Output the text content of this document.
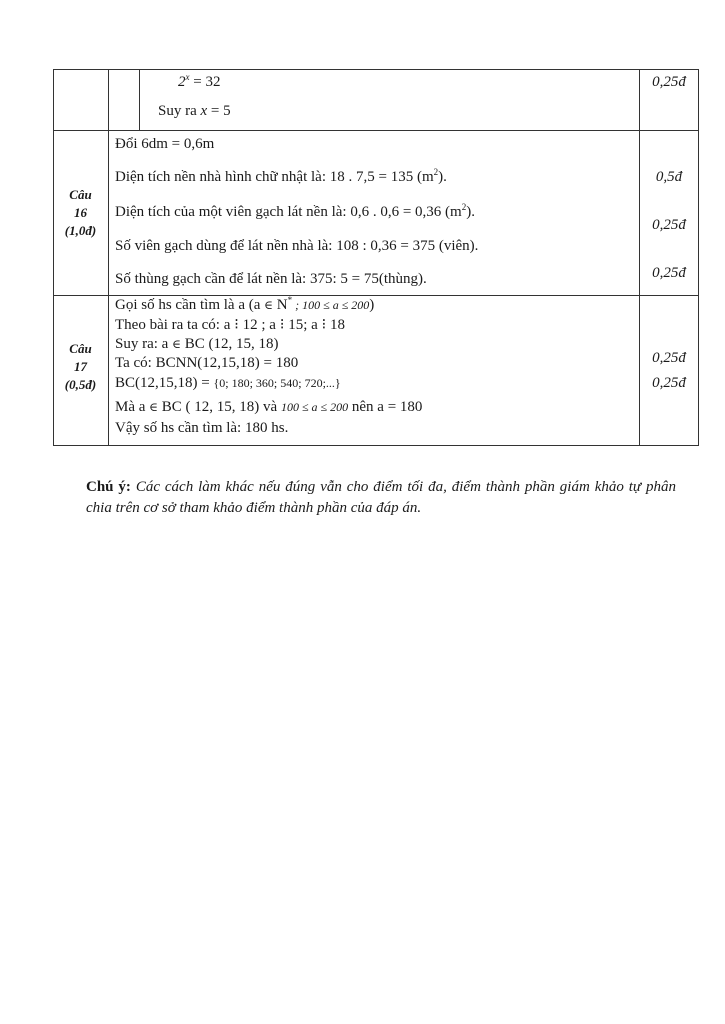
$2^x = 32$
Suy ra x = 5
0,25đ
Câu
16
(1,0đ)
Đổi 6dm = 0,6m
Diện tích nền nhà hình chữ nhật là: 18 . 7,5 = 135 $(m^2)$.
Diện tích của một viên gạch lát nền là: 0,6 . 0,6 = 0,36 $(m^2)$.
Số viên gạch dùng để lát nền nhà là: 108 : 0,36 = 375 (viên).
Số thùng gạch cần để lát nền là: 375: 5 = 75(thùng).
0,5đ
0,25đ
0,25đ
Câu
17
(0,5đ)
Gọi số hs cần tìm là a (a ∈ N* ; 100 ≤ a ≤ 200)
Theo bài ra ta có: a ⁝ 12 ; a ⁝ 15; a ⁝ 18
Suy ra: a ∈ BC (12, 15, 18)
Ta có: BCNN(12,15,18) = 180
BC(12,15,18) = {0; 180; 360; 540; 720;...}
Mà a ∈ BC ( 12, 15, 18) và 100 ≤ a ≤ 200 nên a = 180
Vậy số hs cần tìm là: 180 hs.
0,25đ
0,25đ
Chú ý: Các cách làm khác nếu đúng vẫn cho điểm tối đa, điểm thành phần giám khảo tự phân chia trên cơ sở tham khảo điểm thành phần của đáp án.
